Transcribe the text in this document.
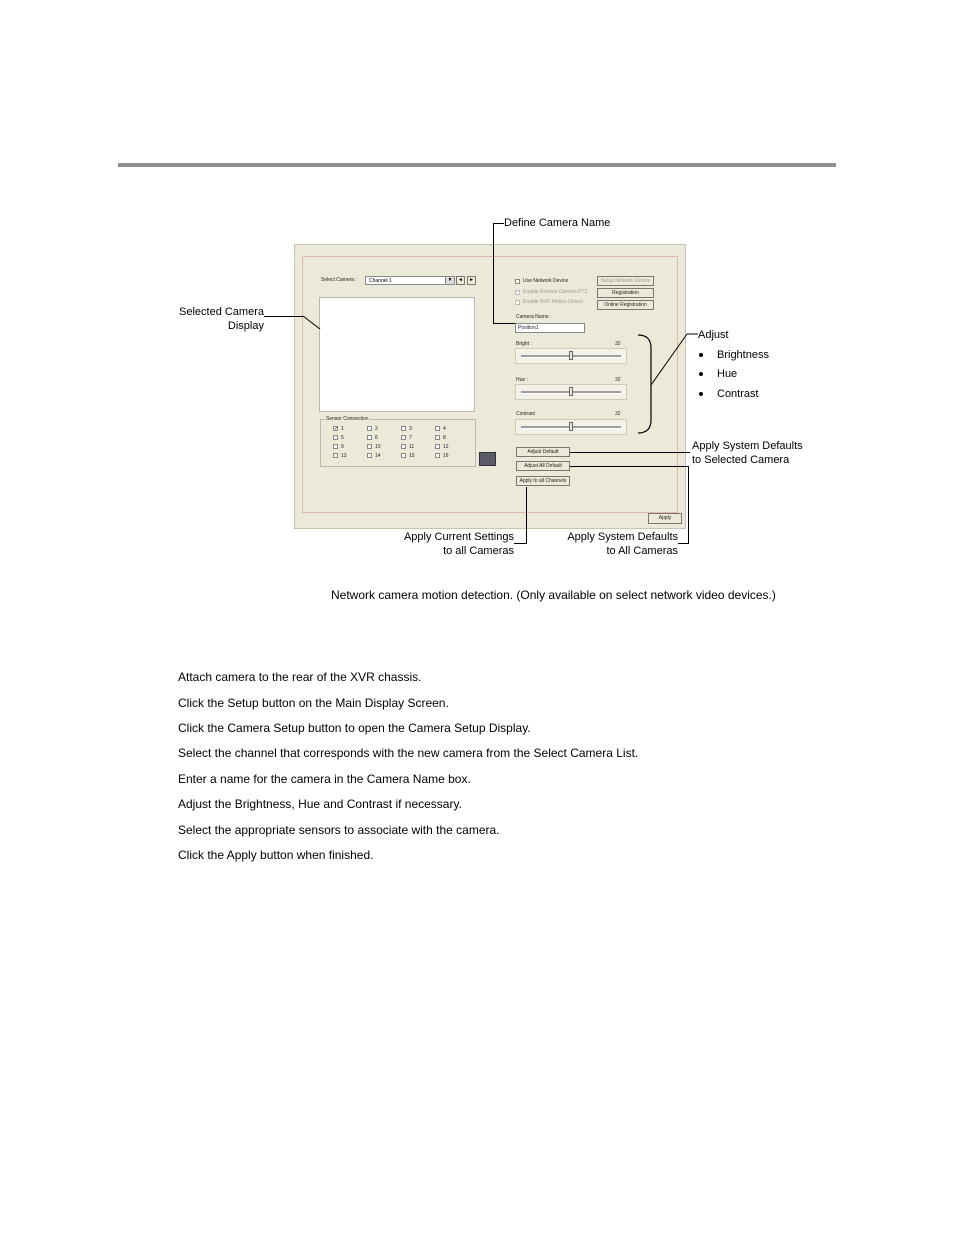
Define Camera Name
Selected Camera
Display
Adjust
Brightness
Hue
Contrast
Apply System Defaults
to Selected Camera
Apply Current Settings
to all Cameras
Apply System Defaults
to All Cameras
Select Camera : Channel 1	▼	◄	►	Use Network Device
Enable Remote Camera PTZ
Enable NVD Motion Detect
Setup Network Device
Registration
Online Registration
Camera Name :
Position1
Bright :	32
Hue :	32
Contrast	32
Sensor Connection
✓ 1	2	3	4
5	6	7	8
9	10	11	12
13	14	15	16
Adjust Default
Adjust All Default
Apply to all Channels
Apply
Network camera motion detection. (Only available on select network video devices.)
Attach camera to the rear of the XVR chassis.
Click the Setup button on the Main Display Screen.
Click the Camera Setup button to open the Camera Setup Display.
Select the channel that corresponds with the new camera from the Select Camera List.
Enter a name for the camera in the Camera Name box.
Adjust the Brightness, Hue and Contrast if necessary.
Select the appropriate sensors to associate with the camera.
Click the Apply button when finished.
